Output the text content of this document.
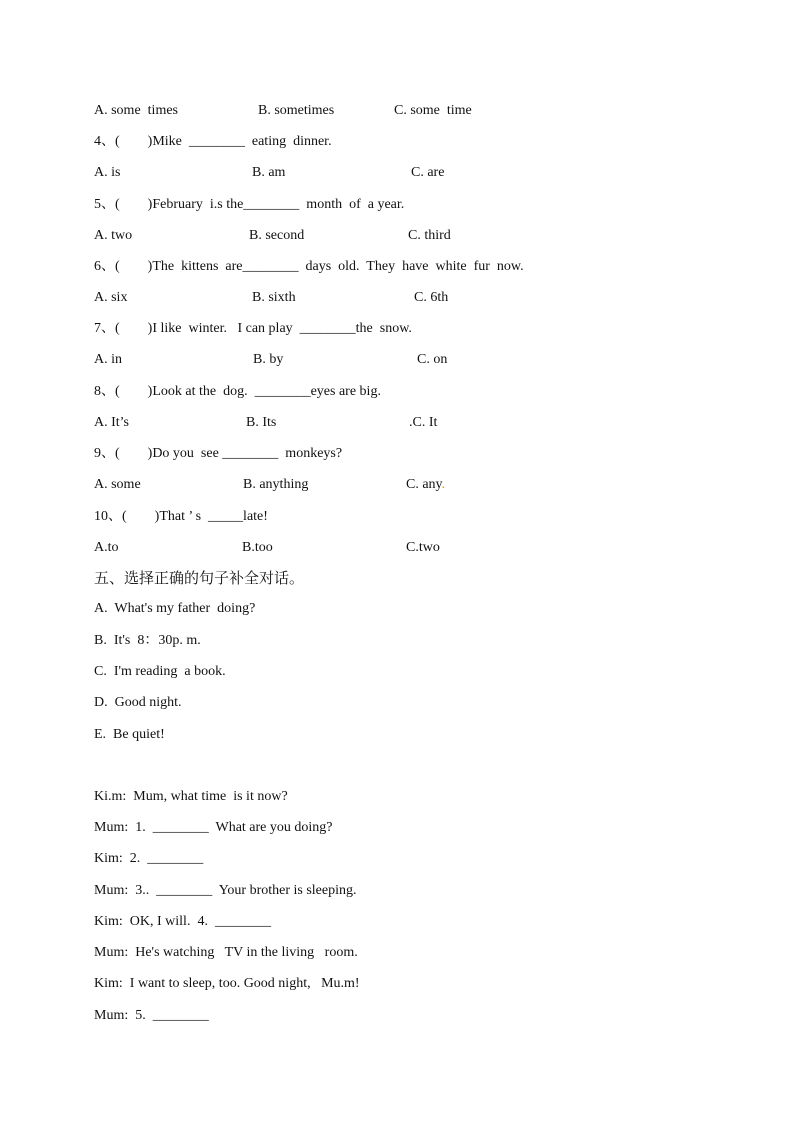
A. some  times

	B. sometimes

	C. some  time

4、(        )Mike  ________  eating  dinner.

A. is

	B. am

	C. are

5、(        )February  i.s the________  month  of  a year.

A. two

	B. second

	C. third

6、(        )The  kittens  are________  days  old.  They  have  white  fur  now.

A. six

	B. sixth

	C. 6th

7、(        )I like  winter.   I can play  ________the  snow.

A. in

	B. by

	C. on

8、(        )Look at the  dog.  ________eyes are big.

A. It’s

	B. Its

	.C. It

9、(        )Do you  see ________  monkeys?

A. some

	B. anything

	C. any.

10、(        )That ’ s  _____late!

A.to

	B.too

	C.two

五、选择正确的句子补全对话。
A.  What's my father  doing?
B.  It's  8：30p. m.
C.  I'm reading  a book.
D.  Good night.
E.  Be quiet!
Ki.m:  Mum, what time  is it now?
Mum:  1.  ________  What are you doing?
Kim:  2.  ________
Mum:  3..  ________  Your brother is sleeping.
Kim:  OK, I will.  4.  ________
Mum:  He's watching   TV in the living   room.
Kim:  I want to sleep, too. Good night,   Mu.m!
Mum:  5.  ________
